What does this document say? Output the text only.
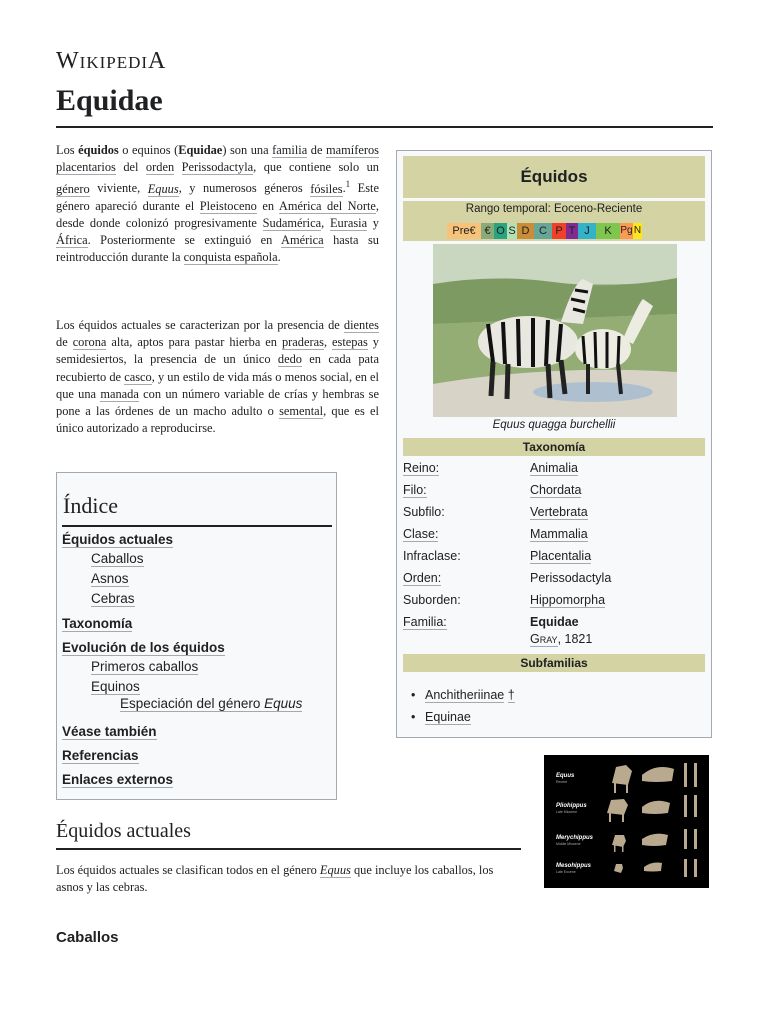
WIKIPEDIA
Equidae
Los équidos o equinos (Equidae) son una familia de mamíferos placentarios del orden Perissodactyla, que contiene solo un género viviente, Equus, y numerosos géneros fósiles.$^1$ Este género apareció durante el Pleistoceno en América del Norte, desde donde colonizó progresivamente Sudamérica, Eurasia y África. Posteriormente se extinguió en América hasta su reintroducción durante la conquista española.
Los équidos actuales se caracterizan por la presencia de dientes de corona alta, aptos para pastar hierba en praderas, estepas y semidesiertos, la presencia de un único dedo en cada pata recubierto de casco, y un estilo de vida más o menos social, en el que una manada con un número variable de crías y hembras se pone a las órdenes de un macho adulto o semental, que es el único autorizado a reproducirse.
Équidos
Rango temporal: Eoceno-Reciente
Pre€ € O S D C P T J	K Pg N
Equus quagga burchellii
Taxonomía
Reino:	Animalia
Filo:	Chordata
Subfilo:	Vertebrata
Clase:	Mammalia
Infraclase:	Placentalia
Orden:	Perissodactyla
Suborden:	Hippomorpha
Familia:	Equidae
Gray, 1821
Subfamilias
• Anchitheriinae †
• Equinae
Índice
Équidos actuales
Caballos
Asnos
Cebras
Taxonomía
Evolución de los équidos
Primeros caballos
Equinos
Especiación del género Equus
Véase también
Referencias
Enlaces externos	Equus
Recent
Pliohippus
Late Miocene
Merychippus
Middle Miocene
Mesohippus
Late Eocene
Équidos actuales
Los équidos actuales se clasifican todos en el género Equus que incluye los caballos, los asnos y las cebras.
Caballos
